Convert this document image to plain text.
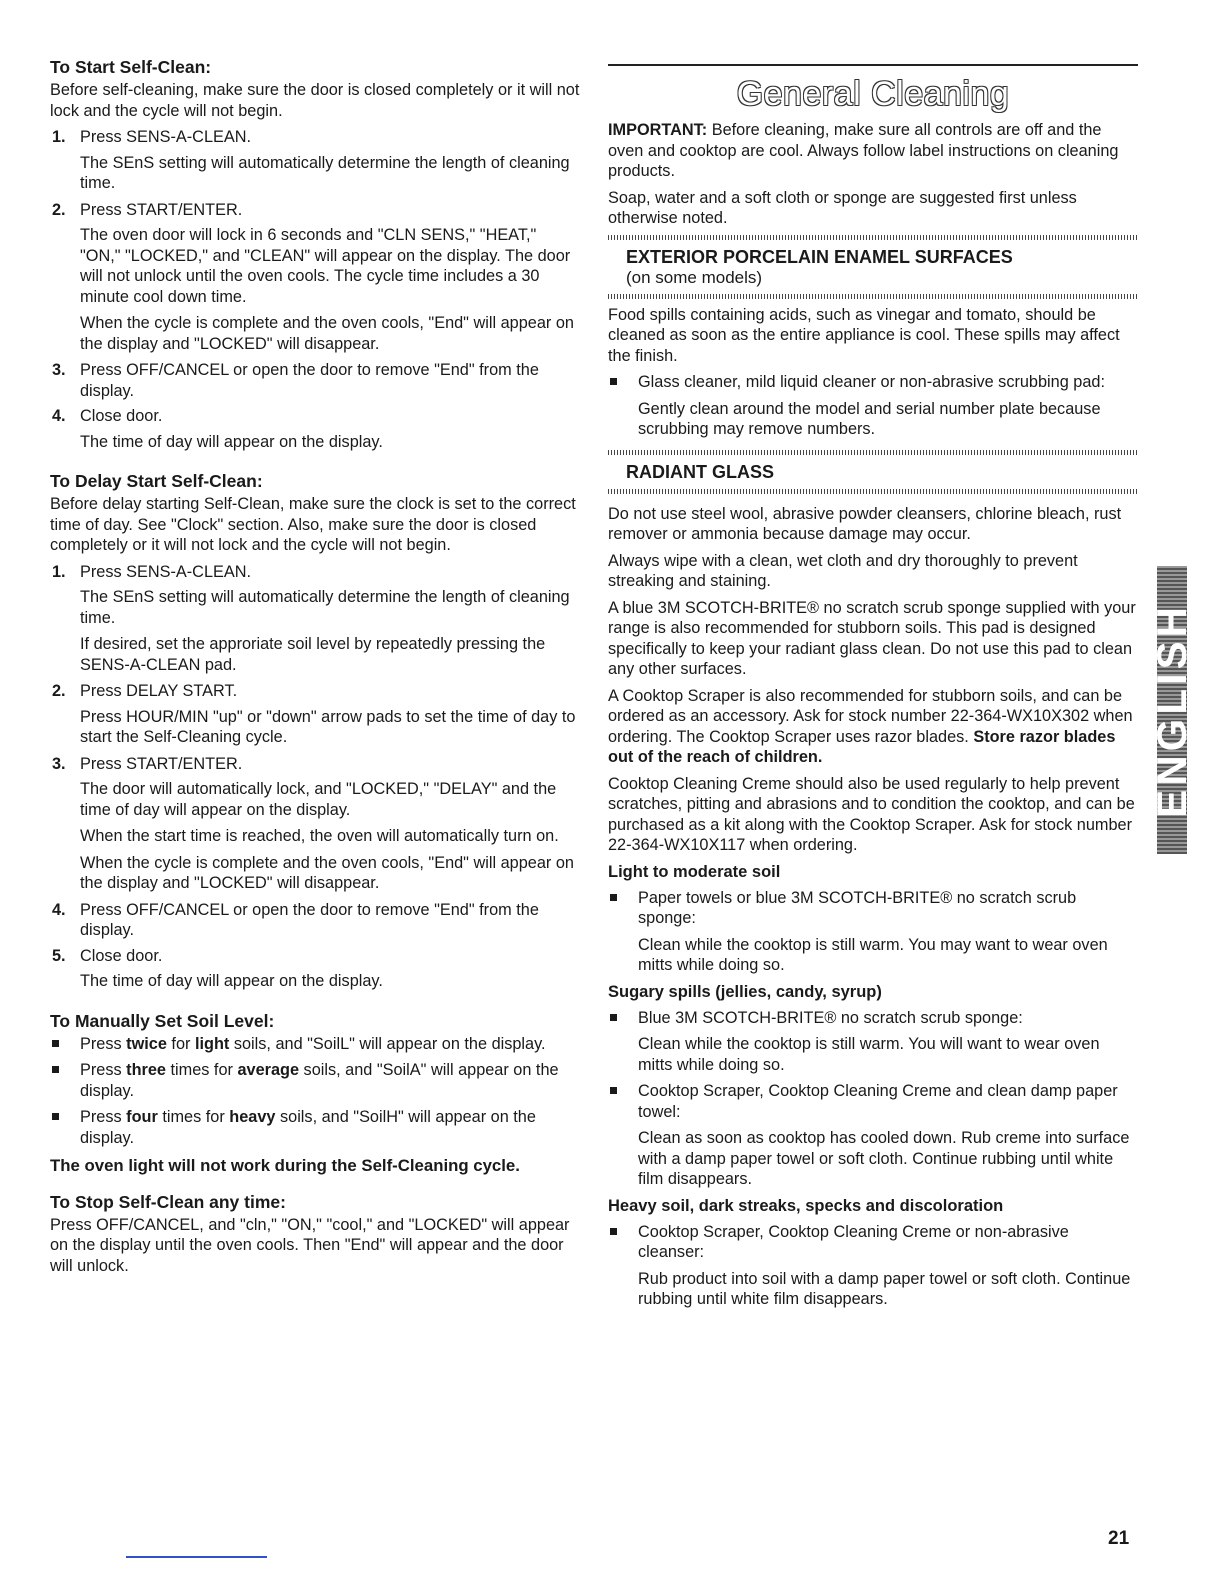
To Start Self-Clean:

Before self-cleaning, make sure the door is closed completely or it will not lock and the cycle will not begin.

1. Press SENS-A-CLEAN.
The SEnS setting will automatically determine the length of cleaning time.
2. Press START/ENTER.
The oven door will lock in 6 seconds and "CLN SENS," "HEAT," "ON," "LOCKED," and "CLEAN" will appear on the display. The door will not unlock until the oven cools. The cycle time includes a 30 minute cool down time.
When the cycle is complete and the oven cools, "End" will appear on the display and "LOCKED" will disappear.
3. Press OFF/CANCEL or open the door to remove "End" from the display.
4. Close door.
The time of day will appear on the display.
To Delay Start Self-Clean:

Before delay starting Self-Clean, make sure the clock is set to the correct time of day. See "Clock" section. Also, make sure the door is closed completely or it will not lock and the cycle will not begin.

1. Press SENS-A-CLEAN.
The SEnS setting will automatically determine the length of cleaning time.
If desired, set the approriate soil level by repeatedly pressing the SENS-A-CLEAN pad.
2. Press DELAY START.
Press HOUR/MIN "up" or "down" arrow pads to set the time of day to start the Self-Cleaning cycle.
3. Press START/ENTER.
The door will automatically lock, and "LOCKED," "DELAY" and the time of day will appear on the display.
When the start time is reached, the oven will automatically turn on.
When the cycle is complete and the oven cools, "End" will appear on the display and "LOCKED" will disappear.
4. Press OFF/CANCEL or open the door to remove "End" from the display.
5. Close door.
The time of day will appear on the display.
To Manually Set Soil Level:
Press twice for light soils, and "SoilL" will appear on the display.
Press three times for average soils, and "SoilA" will appear on the display.
Press four times for heavy soils, and "SoilH" will appear on the display.
The oven light will not work during the Self-Cleaning cycle.
To Stop Self-Clean any time:

Press OFF/CANCEL, and "cln," "ON," "cool," and "LOCKED" will appear on the display until the oven cools. Then "End" will appear and the door will unlock.

General Cleaning

IMPORTANT: Before cleaning, make sure all controls are off and the oven and cooktop are cool. Always follow label instructions on cleaning products.

Soap, water and a soft cloth or sponge are suggested first unless otherwise noted.

EXTERIOR PORCELAIN ENAMEL SURFACES
(on some models)

Food spills containing acids, such as vinegar and tomato, should be cleaned as soon as the entire appliance is cool. These spills may affect the finish.

Glass cleaner, mild liquid cleaner or non-abrasive scrubbing pad:
Gently clean around the model and serial number plate because scrubbing may remove numbers.
RADIANT GLASS

Do not use steel wool, abrasive powder cleansers, chlorine bleach, rust remover or ammonia because damage may occur.

Always wipe with a clean, wet cloth and dry thoroughly to prevent streaking and staining.

A blue 3M SCOTCH-BRITE® no scratch scrub sponge supplied with your range is also recommended for stubborn soils. This pad is designed specifically to keep your radiant glass clean. Do not use this pad to clean any other surfaces.

A Cooktop Scraper is also recommended for stubborn soils, and can be ordered as an accessory. Ask for stock number 22-364-WX10X302 when ordering. The Cooktop Scraper uses razor blades. Store razor blades out of the reach of children.

Cooktop Cleaning Creme should also be used regularly to help prevent scratches, pitting and abrasions and to condition the cooktop, and can be purchased as a kit along with the Cooktop Scraper. Ask for stock number 22-364-WX10X117 when ordering.

Light to moderate soil
Paper towels or blue 3M SCOTCH-BRITE® no scratch scrub sponge:
Clean while the cooktop is still warm. You may want to wear oven mitts while doing so.
Sugary spills (jellies, candy, syrup)
Blue 3M SCOTCH-BRITE® no scratch scrub sponge:
Clean while the cooktop is still warm. You will want to wear oven mitts while doing so.
Cooktop Scraper, Cooktop Cleaning Creme and clean damp paper towel:
Clean as soon as cooktop has cooled down. Rub creme into surface with a damp paper towel or soft cloth. Continue rubbing until white film disappears.
Heavy soil, dark streaks, specks and discoloration
Cooktop Scraper, Cooktop Cleaning Creme or non-abrasive cleanser:
Rub product into soil with a damp paper towel or soft cloth. Continue rubbing until white film disappears.
ENGLISH
21
